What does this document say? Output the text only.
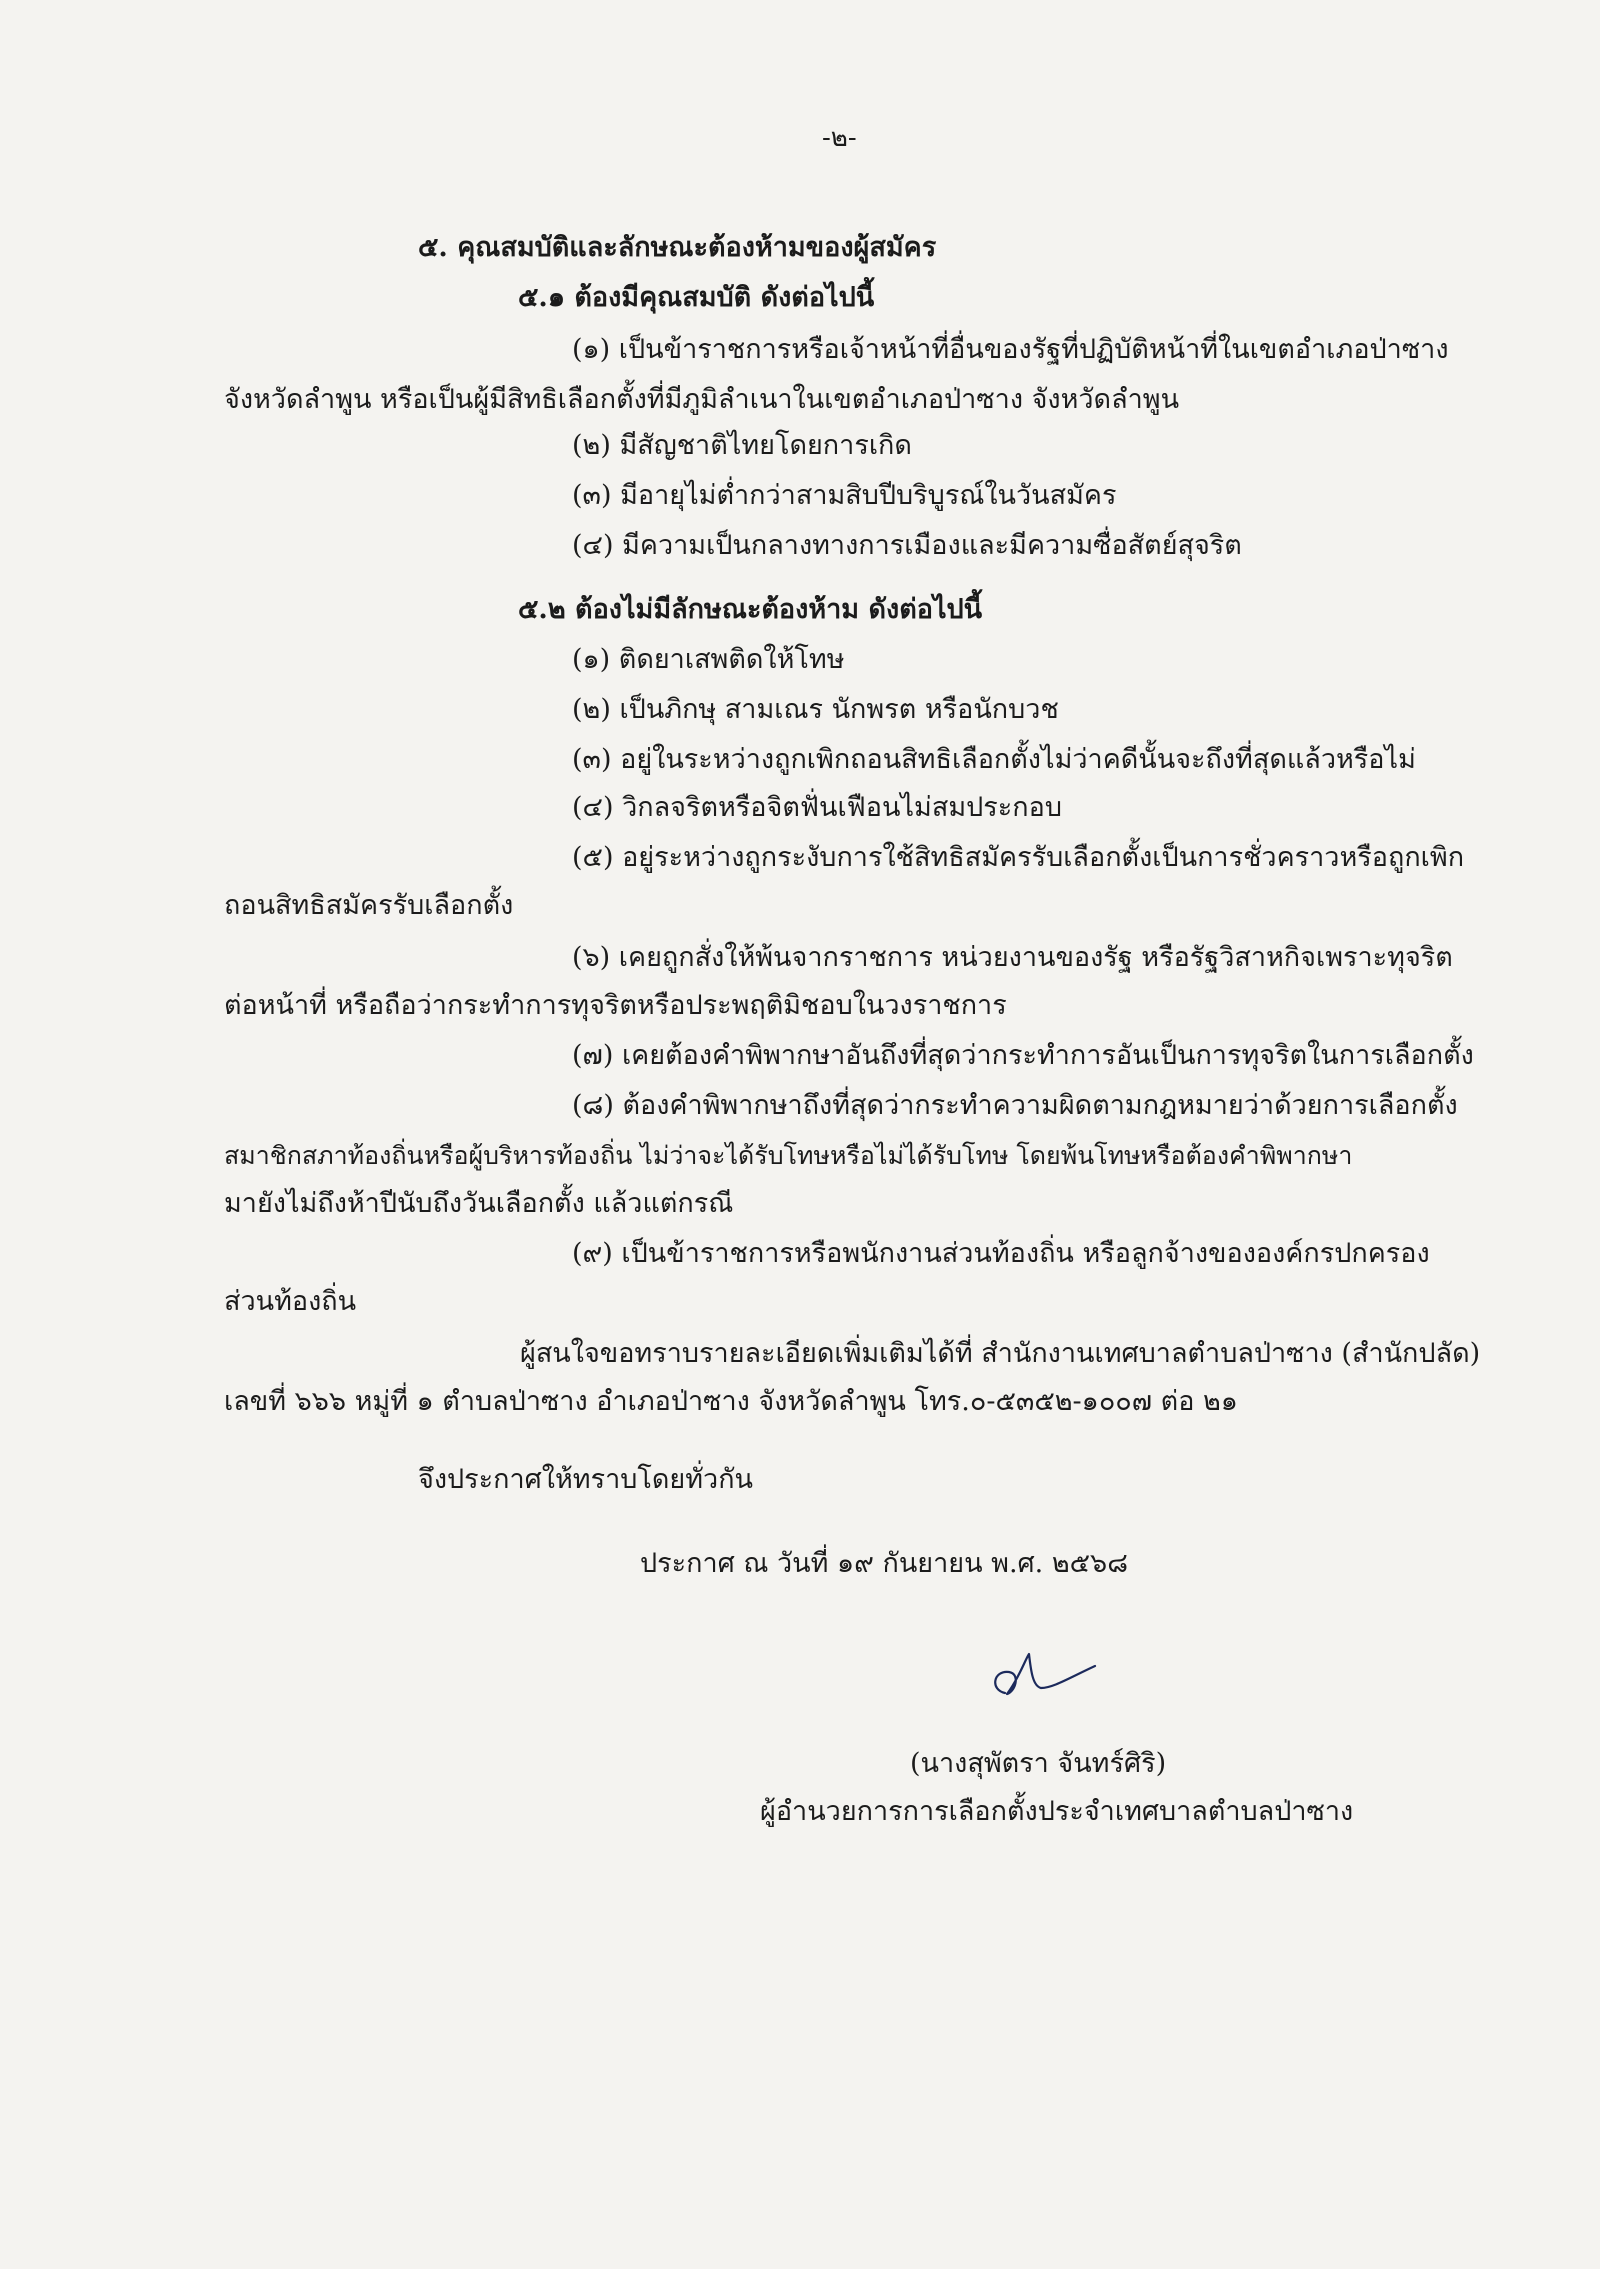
-๒-
๕. คุณสมบัติและลักษณะต้องห้ามของผู้สมัคร
๕.๑ ต้องมีคุณสมบัติ ดังต่อไปนี้
(๑) เป็นข้าราชการหรือเจ้าหน้าที่อื่นของรัฐที่ปฏิบัติหน้าที่ในเขตอำเภอป่าซาง
จังหวัดลำพูน หรือเป็นผู้มีสิทธิเลือกตั้งที่มีภูมิลำเนาในเขตอำเภอป่าซาง จังหวัดลำพูน
(๒) มีสัญชาติไทยโดยการเกิด
(๓) มีอายุไม่ต่ำกว่าสามสิบปีบริบูรณ์ในวันสมัคร
(๔) มีความเป็นกลางทางการเมืองและมีความซื่อสัตย์สุจริต
๕.๒ ต้องไม่มีลักษณะต้องห้าม ดังต่อไปนี้
(๑) ติดยาเสพติดให้โทษ
(๒) เป็นภิกษุ สามเณร นักพรต หรือนักบวช
(๓) อยู่ในระหว่างถูกเพิกถอนสิทธิเลือกตั้งไม่ว่าคดีนั้นจะถึงที่สุดแล้วหรือไม่
(๔) วิกลจริตหรือจิตฟั่นเฟือนไม่สมประกอบ
(๕) อยู่ระหว่างถูกระงับการใช้สิทธิสมัครรับเลือกตั้งเป็นการชั่วคราวหรือถูกเพิก
ถอนสิทธิสมัครรับเลือกตั้ง
(๖) เคยถูกสั่งให้พ้นจากราชการ หน่วยงานของรัฐ หรือรัฐวิสาหกิจเพราะทุจริต
ต่อหน้าที่ หรือถือว่ากระทำการทุจริตหรือประพฤติมิชอบในวงราชการ
(๗) เคยต้องคำพิพากษาอันถึงที่สุดว่ากระทำการอันเป็นการทุจริตในการเลือกตั้ง
(๘) ต้องคำพิพากษาถึงที่สุดว่ากระทำความผิดตามกฎหมายว่าด้วยการเลือกตั้ง
สมาชิกสภาท้องถิ่นหรือผู้บริหารท้องถิ่น ไม่ว่าจะได้รับโทษหรือไม่ได้รับโทษ โดยพ้นโทษหรือต้องคำพิพากษา
มายังไม่ถึงห้าปีนับถึงวันเลือกตั้ง แล้วแต่กรณี
(๙) เป็นข้าราชการหรือพนักงานส่วนท้องถิ่น หรือลูกจ้างขององค์กรปกครอง
ส่วนท้องถิ่น
ผู้สนใจขอทราบรายละเอียดเพิ่มเติมได้ที่ สำนักงานเทศบาลตำบลป่าซาง (สำนักปลัด)
เลขที่ ๖๖๖ หมู่ที่ ๑ ตำบลป่าซาง อำเภอป่าซาง จังหวัดลำพูน โทร.๐-๕๓๕๒-๑๐๐๗ ต่อ ๒๑
จึงประกาศให้ทราบโดยทั่วกัน
ประกาศ ณ วันที่ ๑๙ กันยายน พ.ศ. ๒๕๖๘
(นางสุพัตรา จันทร์ศิริ)
ผู้อำนวยการการเลือกตั้งประจำเทศบาลตำบลป่าซาง
